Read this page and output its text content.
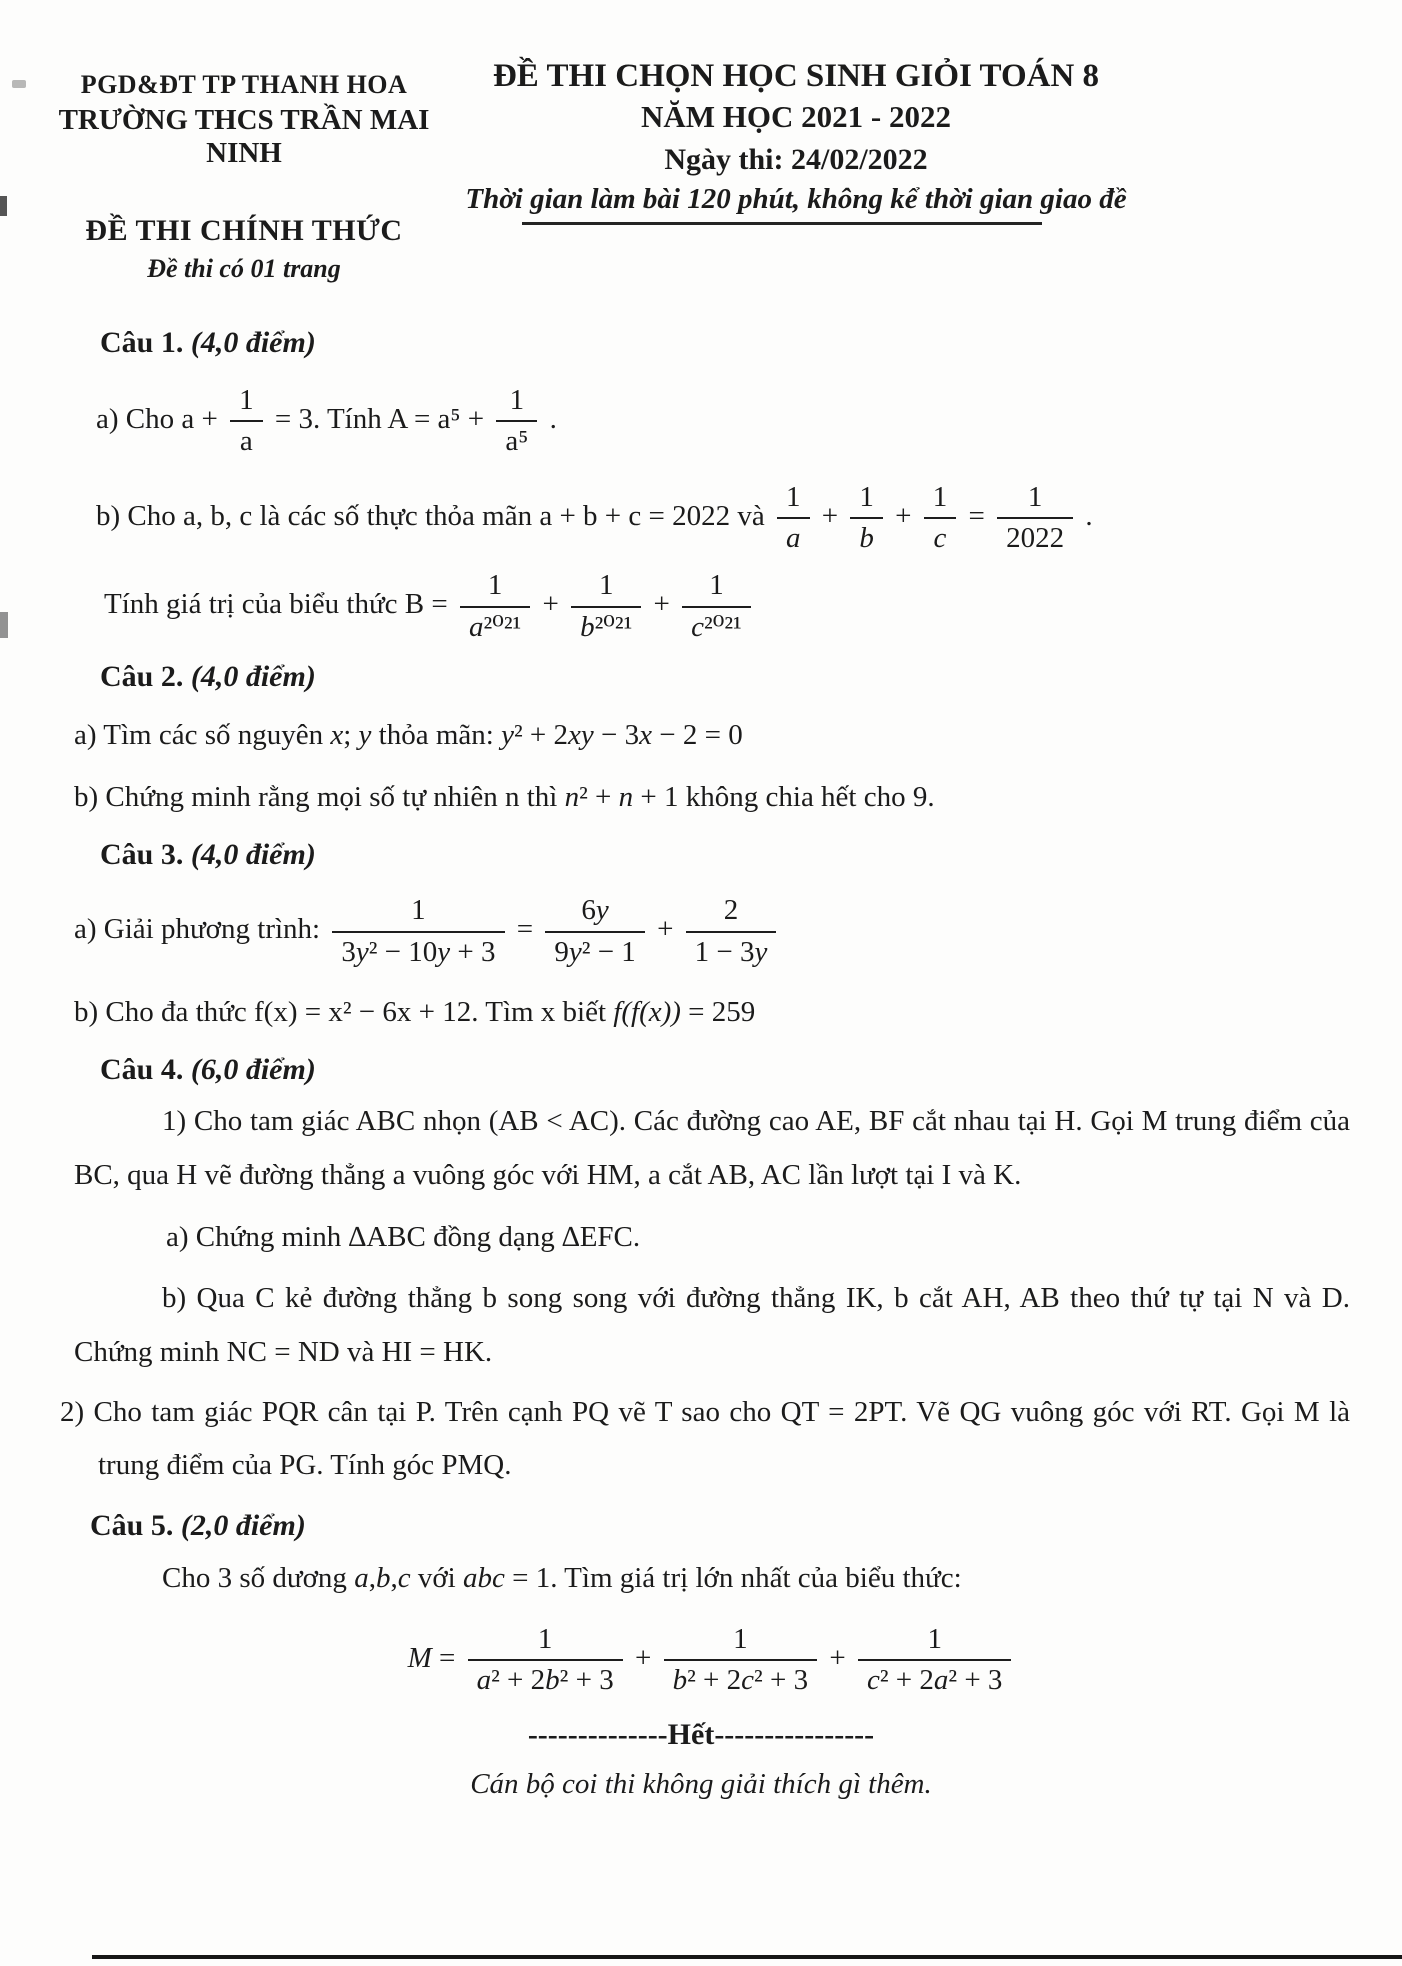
PGD&ĐT TP THANH HOA
TRƯỜNG THCS TRẦN MAI NINH
ĐỀ THI CHÍNH THỨC
Đề thi có 01 trang
ĐỀ THI CHỌN HỌC SINH GIỎI TOÁN 8
NĂM HỌC 2021 - 2022
Ngày thi: 24/02/2022
Thời gian làm bài 120 phút, không kể thời gian giao đề
Câu 1. (4,0 điểm)
a) Cho $a + \frac{1}{a} = 3$. Tính $A = a^5 + \frac{1}{\text{a⁵}}$ .
b) Cho a, b, c là các số thực thỏa mãn a + b + c = 2022 và $\frac{1}{a} + \frac{1}{b} + \frac{1}{c} = \frac{1}{2022}$ .
Tính giá trị của biểu thức $B = \frac{1}{\text{a²⁰²¹}} + \frac{1}{\text{b²⁰²¹}} + \frac{1}{\text{c²⁰²¹}}$
Câu 2. (4,0 điểm)
a) Tìm các số nguyên x; y thỏa mãn: y² + 2xy − 3x − 2 = 0
b) Chứng minh rằng mọi số tự nhiên n thì n² + n + 1 không chia hết cho 9.
Câu 3. (4,0 điểm)
a) Giải phương trình: $\frac{1}{\text{3y² − 10y + 3}} = \frac{6y}{\text{9y² − 1}} + \frac{2}{1 - 3y}$
b) Cho đa thức f(x) = x² − 6x + 12. Tìm x biết f(f(x)) = 259
Câu 4. (6,0 điểm)
1) Cho tam giác ABC nhọn (AB < AC). Các đường cao AE, BF cắt nhau tại H. Gọi M trung điểm của BC, qua H vẽ đường thẳng a vuông góc với HM, a cắt AB, AC lần lượt tại I và K.
a) Chứng minh ∆ABC đồng dạng ∆EFC.
b) Qua C kẻ đường thẳng b song song với đường thẳng IK, b cắt AH, AB theo thứ tự tại N và D. Chứng minh NC = ND và HI = HK.
2) Cho tam giác PQR cân tại P. Trên cạnh PQ vẽ T sao cho QT = 2PT. Vẽ QG vuông góc với RT. Gọi M là trung điểm của PG. Tính góc PMQ.
Câu 5. (2,0 điểm)
Cho 3 số dương a,b,c với abc = 1. Tìm giá trị lớn nhất của biểu thức:
$M = \frac{1}{\text{a² + 2b² + 3}} + \frac{1}{\text{b² + 2c² + 3}} + \frac{1}{\text{c² + 2a² + 3}}$
--------------Hết----------------
Cán bộ coi thi không giải thích gì thêm.
